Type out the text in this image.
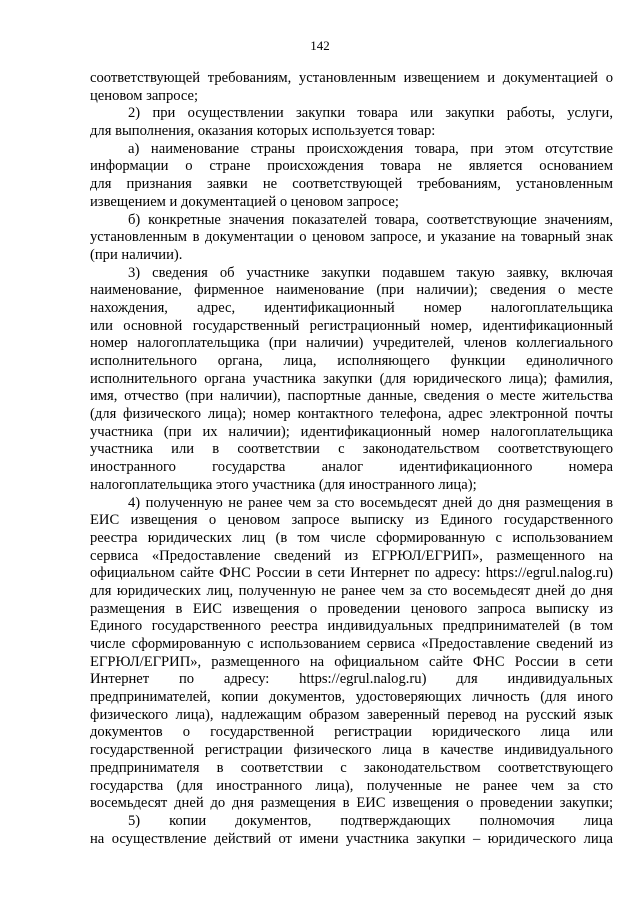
142
соответствующей требованиям, установленным извещением и документацией о
ценовом запросе;
2) при осуществлении закупки товара или закупки работы, услуги,
для выполнения, оказания которых используется товар:
а) наименование страны происхождения товара, при этом отсутствие
информации о стране происхождения товара не является основанием
для признания заявки не соответствующей требованиям, установленным
извещением и документацией о ценовом запросе;
б) конкретные значения показателей товара, соответствующие значениям,
установленным в документации о ценовом запросе, и указание на товарный знак
(при наличии).
3) сведения об участнике закупки подавшем такую заявку, включая
наименование, фирменное наименование (при наличии); сведения о месте
нахождения, адрес, идентификационный номер налогоплательщика
или основной государственный регистрационный номер, идентификационный
номер налогоплательщика (при наличии) учредителей, членов коллегиального
исполнительного органа, лица, исполняющего функции единоличного
исполнительного органа участника закупки (для юридического лица); фамилия,
имя, отчество (при наличии), паспортные данные, сведения о месте жительства
(для физического лица); номер контактного телефона, адрес электронной почты
участника (при их наличии); идентификационный номер налогоплательщика
участника или в соответствии с законодательством соответствующего
иностранного государства аналог идентификационного номера
налогоплательщика этого участника (для иностранного лица);
4) полученную не ранее чем за сто восемьдесят дней до дня размещения в
ЕИС извещения о ценовом запросе выписку из Единого государственного
реестра юридических лиц (в том числе сформированную с использованием
сервиса «Предоставление сведений из ЕГРЮЛ/ЕГРИП», размещенного на
официальном сайте ФНС России в сети Интернет по адресу: https://egrul.nalog.ru)
для юридических лиц, полученную не ранее чем за сто восемьдесят дней до дня
размещения в ЕИС извещения о проведении ценового запроса выписку из
Единого государственного реестра индивидуальных предпринимателей (в том
числе сформированную с использованием сервиса «Предоставление сведений из
ЕГРЮЛ/ЕГРИП», размещенного на официальном сайте ФНС России в сети
Интернет по адресу: https://egrul.nalog.ru) для индивидуальных
предпринимателей, копии документов, удостоверяющих личность (для иного
физического лица), надлежащим образом заверенный перевод на русский язык
документов о государственной регистрации юридического лица или
государственной регистрации физического лица в качестве индивидуального
предпринимателя в соответствии с законодательством соответствующего
государства (для иностранного лица), полученные не ранее чем за сто
восемьдесят дней до дня размещения в ЕИС извещения о проведении закупки;
5) копии документов, подтверждающих полномочия лица
на осуществление действий от имени участника закупки – юридического лица
